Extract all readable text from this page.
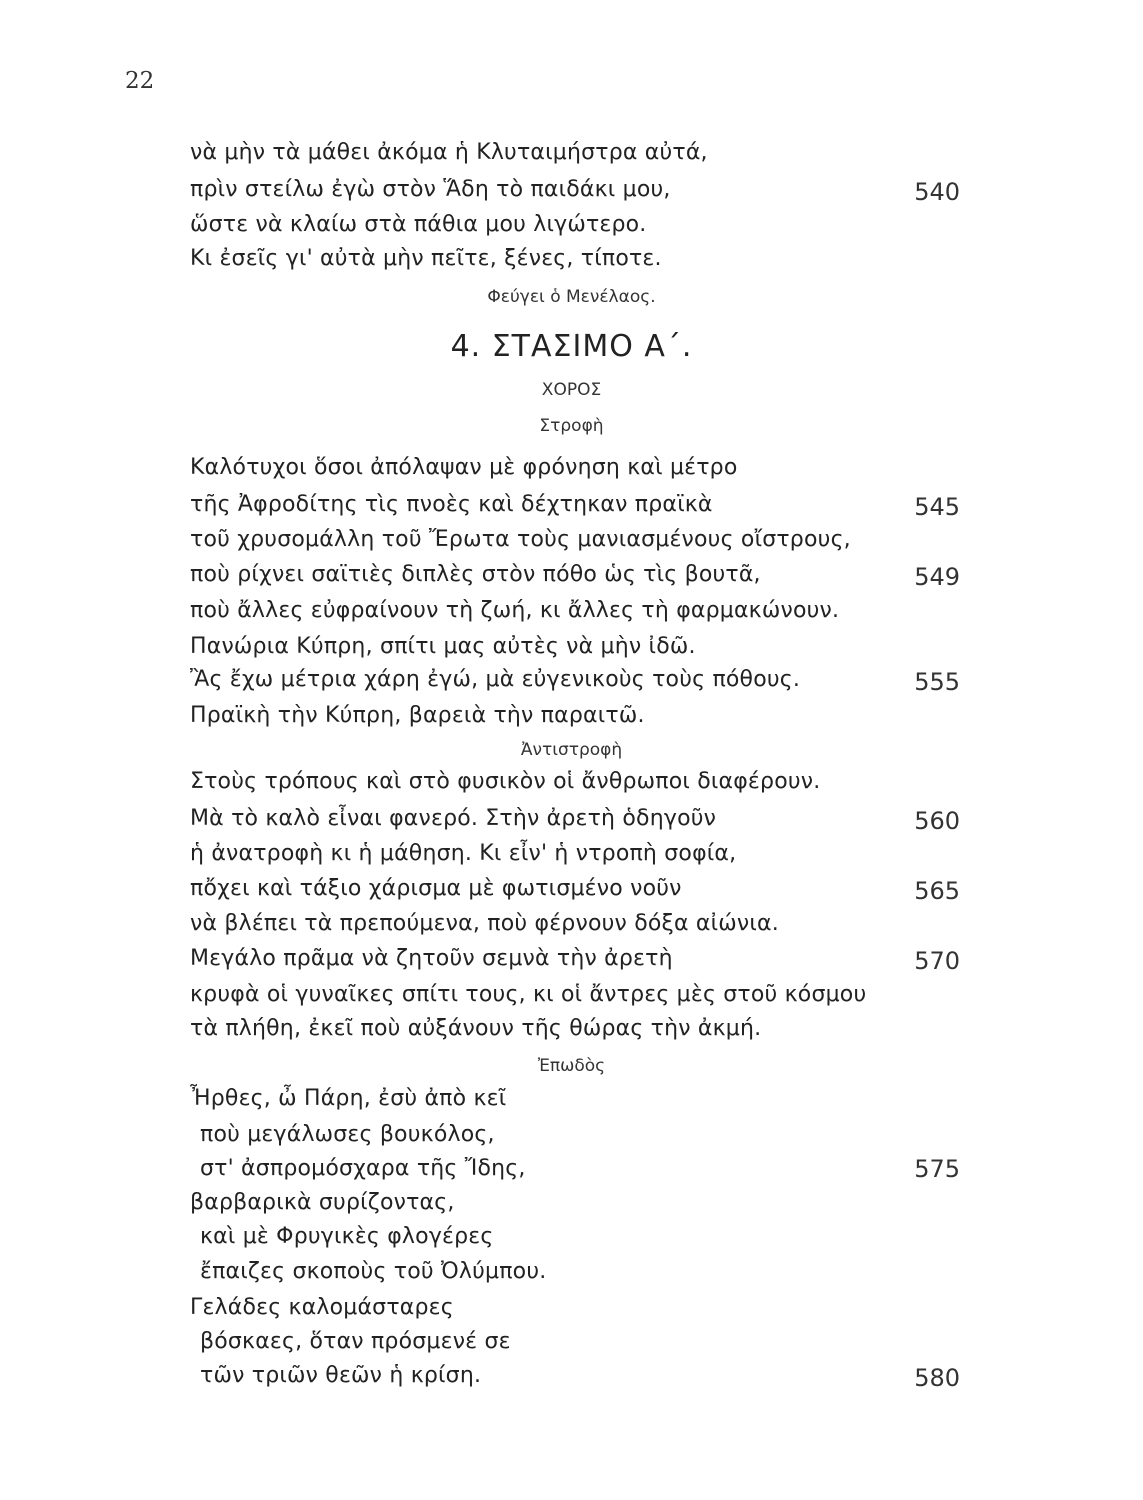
22
νὰ μὴν τὰ μάθει ἀκόμα ἡ Κλυταιμήστρα αὐτά,
πρὶν στείλω ἐγὼ στὸν Ἅδη τὸ παιδάκι μου,	540
ὥστε νὰ κλαίω στὰ πάθια μου λιγώτερο.
Κι ἐσεῖς γι' αὐτὰ μὴν πεῖτε, ξένες, τίποτε.
Φεύγει ὁ Μενέλαος.
4. ΣΤΑΣΙΜΟ Α΄.
ΧΟΡΟΣ
Στροφὴ
Καλότυχοι ὅσοι ἀπόλαψαν μὲ φρόνηση καὶ μέτρο
τῆς Ἀφροδίτης τὶς πνοὲς καὶ δέχτηκαν πραϊκὰ	545
τοῦ χρυσομάλλη τοῦ Ἔρωτα τοὺς μανιασμένους οἴστρους,
ποὺ ρίχνει σαϊτιὲς διπλὲς στὸν πόθο ὡς τὶς βουτᾶ,	549
ποὺ ἄλλες εὐφραίνουν τὴ ζωή, κι ἄλλες τὴ φαρμακώνουν.
Πανώρια Κύπρη, σπίτι μας αὐτὲς νὰ μὴν ἰδῶ.
Ἂς ἔχω μέτρια χάρη ἐγώ, μὰ εὐγενικοὺς τοὺς πόθους.	555
Πραϊκὴ τὴν Κύπρη, βαρειὰ τὴν παραιτῶ.
Ἀντιστροφὴ
Στοὺς τρόπους καὶ στὸ φυσικὸν οἱ ἄνθρωποι διαφέρουν.
Μὰ τὸ καλὸ εἶναι φανερό. Στὴν ἀρετὴ ὁδηγοῦν	560
ἡ ἀνατροφὴ κι ἡ μάθηση. Κι εἶν' ἡ ντροπὴ σοφία,
πὄχει καὶ τάξιο χάρισμα μὲ φωτισμένο νοῦν	565
νὰ βλέπει τὰ πρεπούμενα, ποὺ φέρνουν δόξα αἰώνια.
Μεγάλο πρᾶμα νὰ ζητοῦν σεμνὰ τὴν ἀρετὴ	570
κρυφὰ οἱ γυναῖκες σπίτι τους, κι οἱ ἄντρες μὲς στοῦ κόσμου
τὰ πλήθη, ἐκεῖ ποὺ αὐξάνουν τῆς θώρας τὴν ἀκμή.
Ἐπωδὸς
Ἦρθες, ὦ Πάρη, ἐσὺ ἀπὸ κεῖ
ποὺ μεγάλωσες βουκόλος,
στ' ἀσπρομόσχαρα τῆς Ἴδης,	575
βαρβαρικὰ συρίζοντας,
καὶ μὲ Φρυγικὲς φλογέρες
ἔπαιζες σκοποὺς τοῦ Ὀλύμπου.
Γελάδες καλομάσταρες
βόσκαες, ὅταν πρόσμενέ σε
τῶν τριῶν θεῶν ἡ κρίση.	580
